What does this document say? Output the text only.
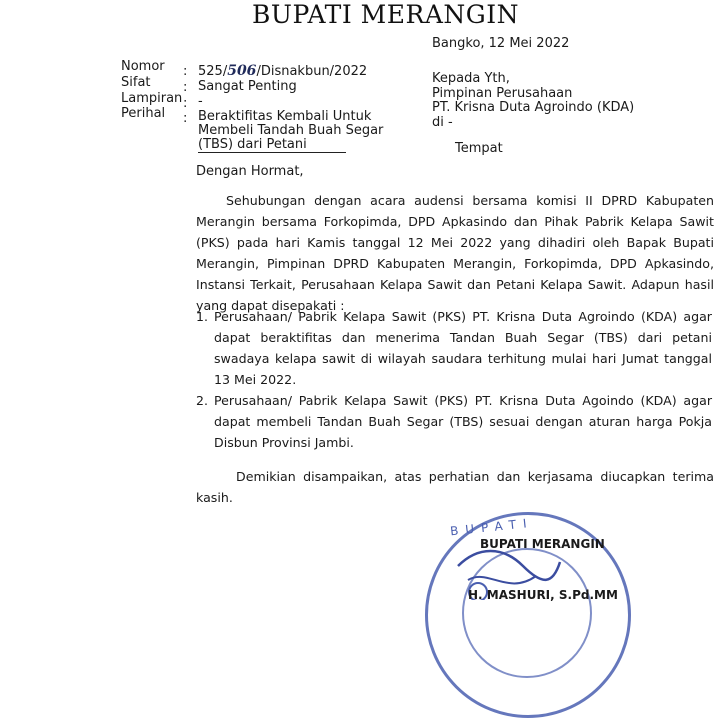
BUPATI MERANGIN
Bangko, 12 Mei 2022
Nomor
Sifat
Lampiran
Perihal
:
:
:
:
525/506/Disnakbun/2022
Sangat Penting
-
Beraktifitas Kembali Untuk
Membeli Tandah Buah Segar
(TBS) dari Petani
Kepada Yth,
Pimpinan Perusahaan
PT. Krisna Duta Agroindo (KDA)
di -
Tempat
Dengan Hormat,
Sehubungan dengan acara audensi bersama komisi II DPRD Kabupaten Merangin bersama Forkopimda, DPD Apkasindo dan Pihak Pabrik Kelapa Sawit (PKS) pada hari Kamis tanggal 12 Mei 2022 yang dihadiri oleh Bapak Bupati Merangin, Pimpinan DPRD Kabupaten Merangin, Forkopimda, DPD Apkasindo, Instansi Terkait, Perusahaan Kelapa Sawit dan Petani Kelapa Sawit. Adapun hasil yang dapat disepakati :
1. Perusahaan/ Pabrik Kelapa Sawit (PKS) PT. Krisna Duta Agroindo (KDA) agar dapat beraktifitas dan menerima Tandan Buah Segar (TBS) dari petani swadaya kelapa sawit di wilayah saudara terhitung mulai hari Jumat tanggal 13 Mei 2022.
2. Perusahaan/ Pabrik Kelapa Sawit (PKS) PT. Krisna Duta Agoindo (KDA) agar dapat membeli Tandan Buah Segar (TBS) sesuai dengan aturan harga Pokja Disbun Provinsi Jambi.
Demikian disampaikan, atas perhatian dan kerjasama diucapkan terima kasih.
BUPATI
BUPATI MERANGIN
H. MASHURI, S.Pd.MM
